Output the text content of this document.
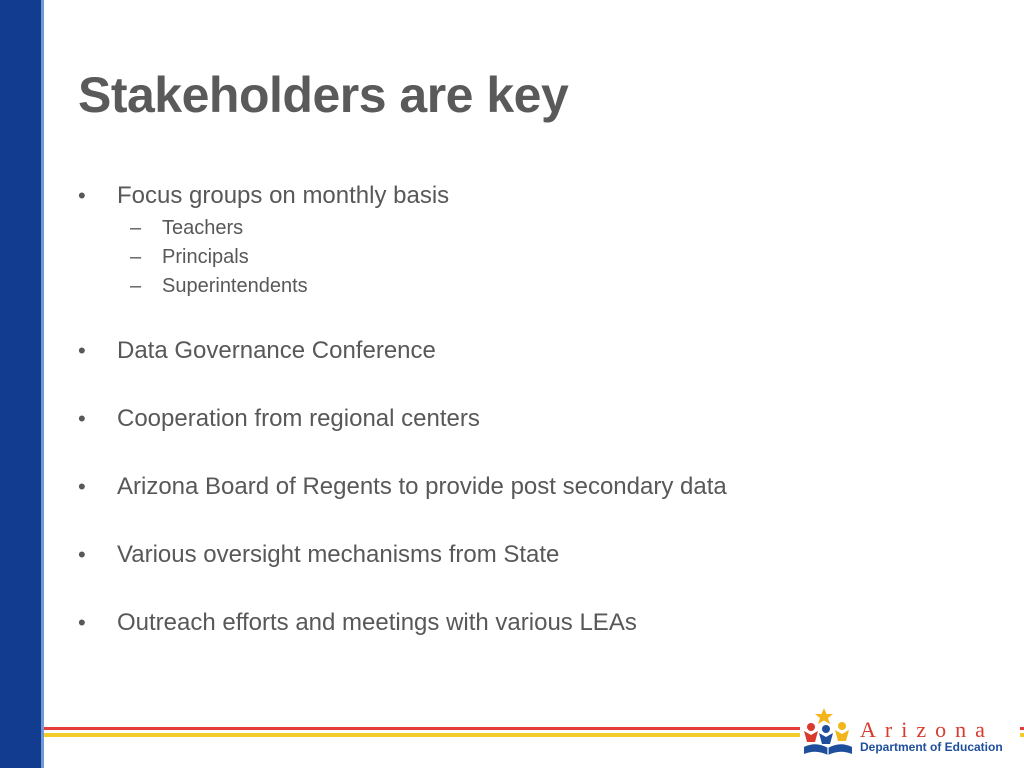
Stakeholders are key
• Focus groups on monthly basis
– Teachers
– Principals
– Superintendents
• Data Governance Conference
• Cooperation from regional centers
• Arizona Board of Regents to provide post secondary data
• Various oversight mechanisms from State
• Outreach efforts and meetings with various LEAs
Arizona
Department of Education
